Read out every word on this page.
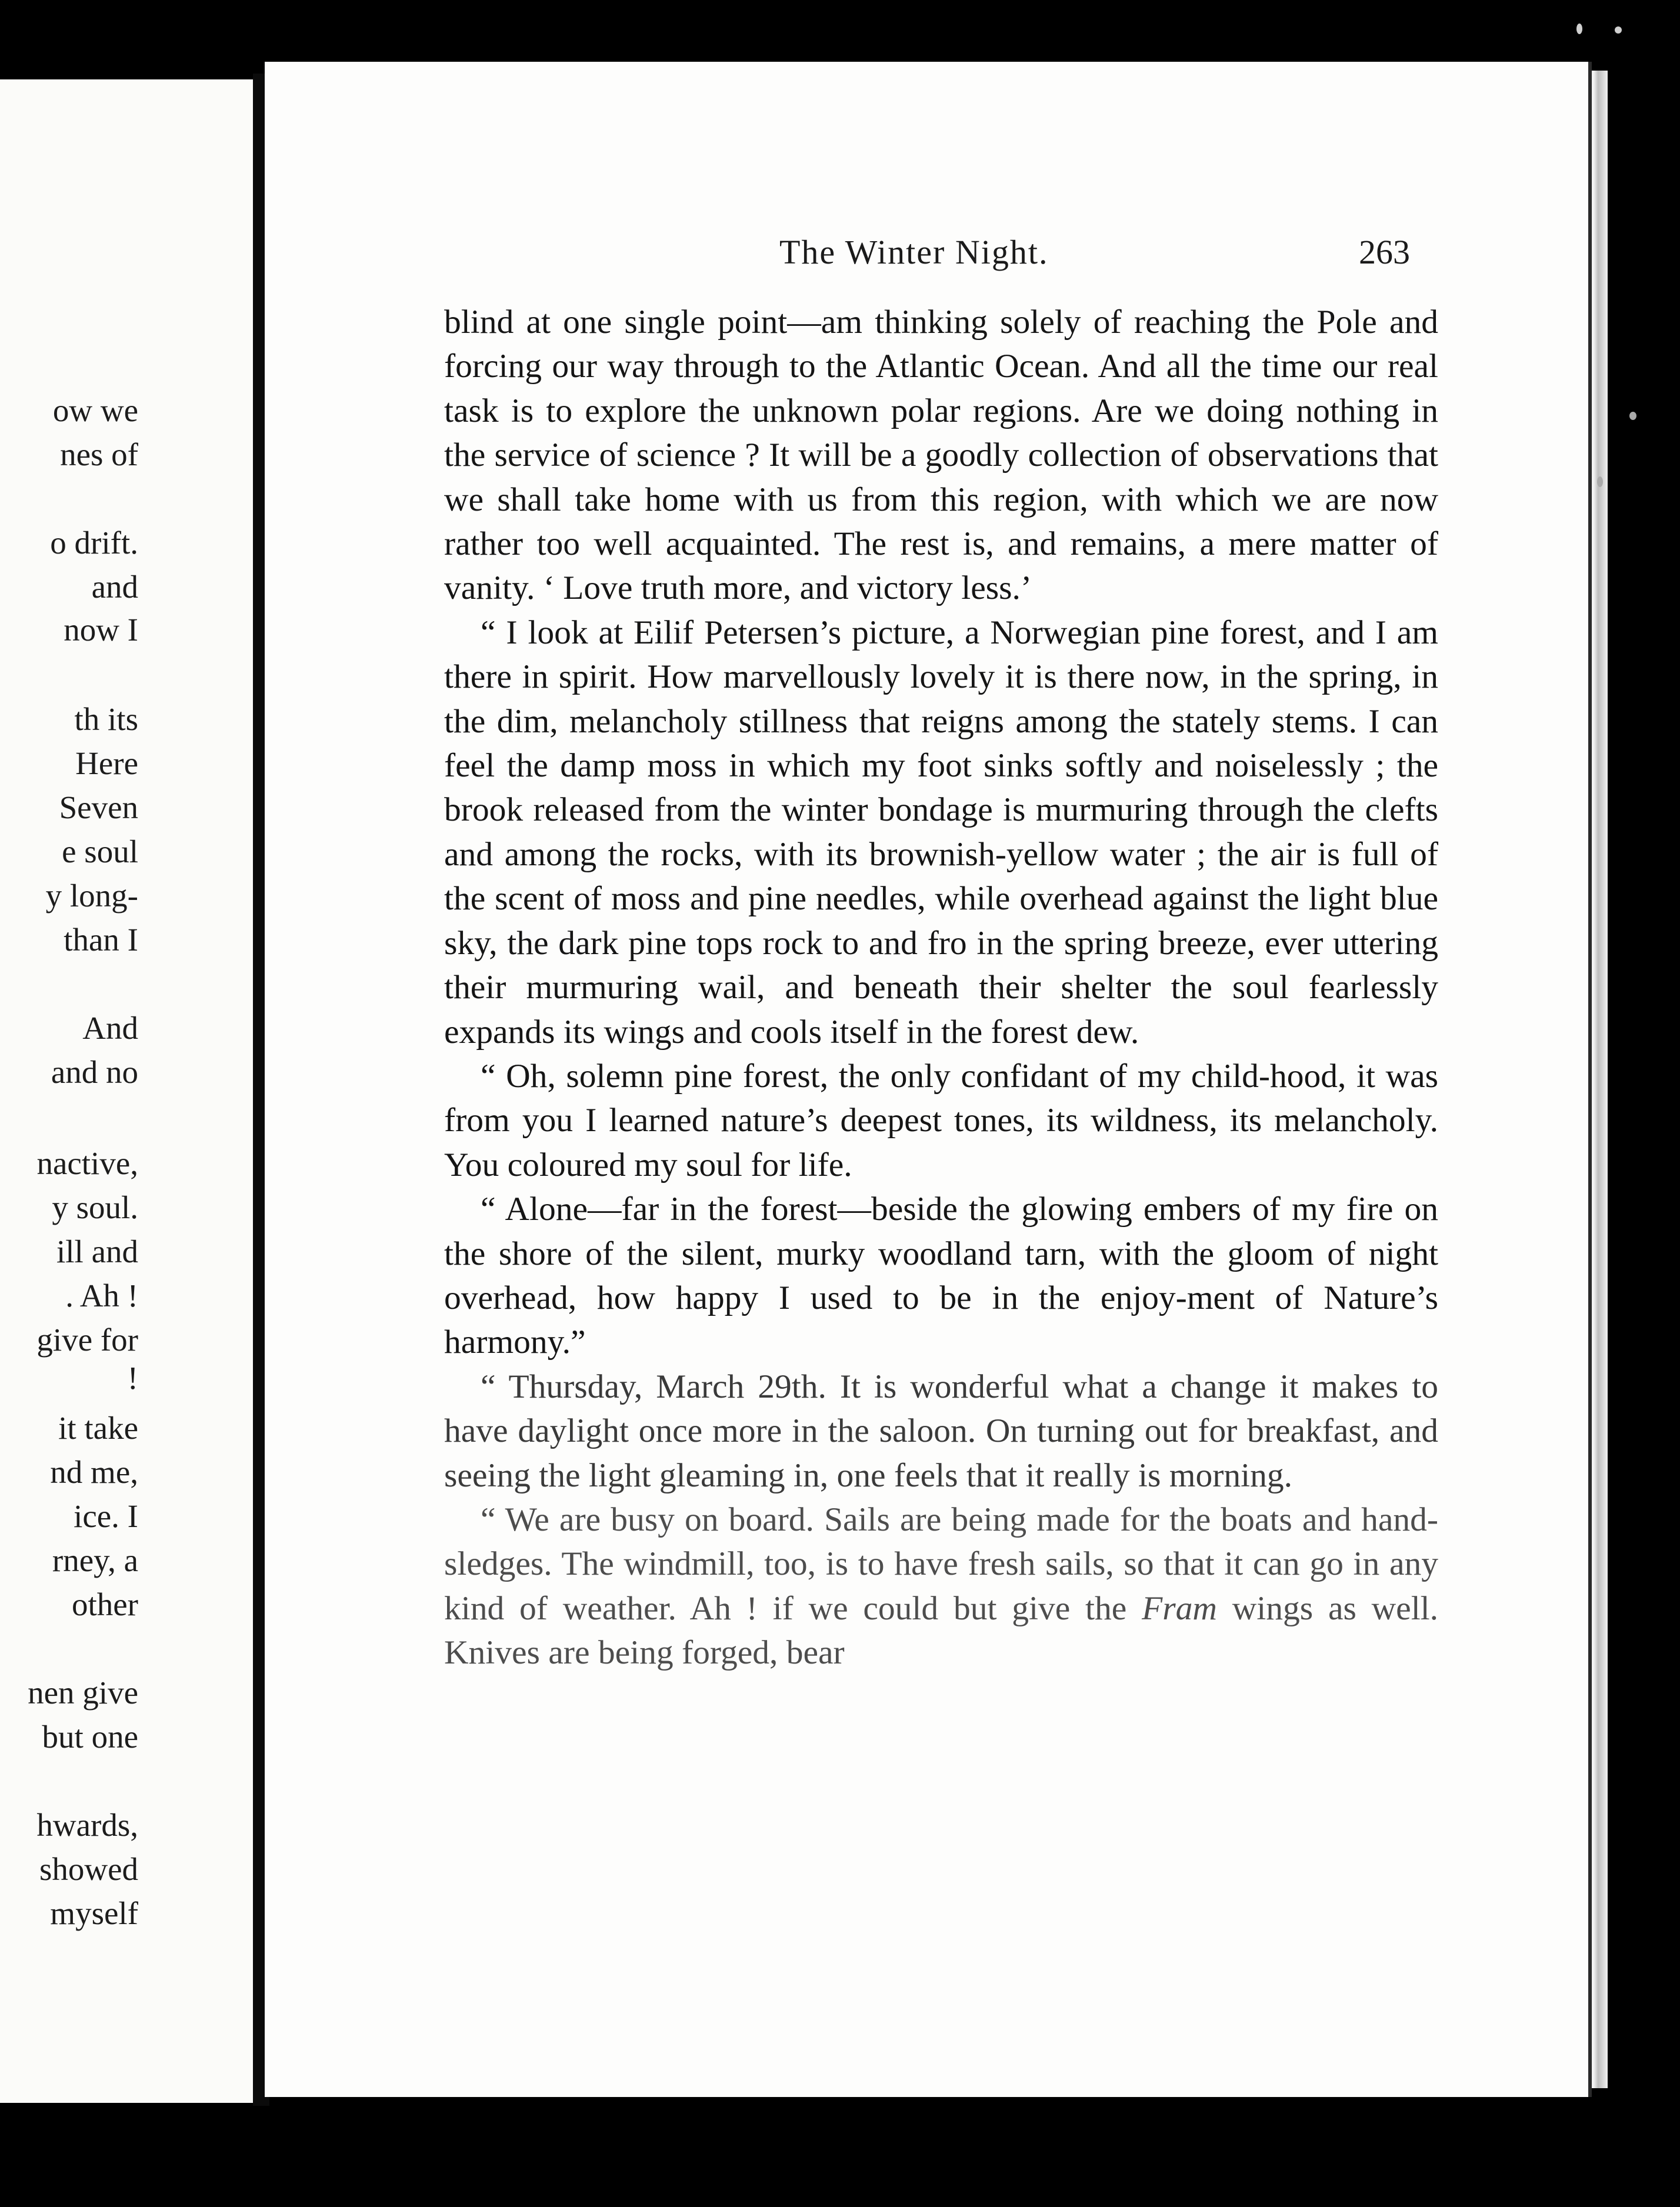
ow we

nes of

o drift.

and

now I

th its

Here

Seven

e soul

y long-

than I

And

and no

nactive,

y soul.

ill and

. Ah !

give for

!

it take

nd me,

ice. I

rney, a

other

nen give

but one

hwards,

showed

myself

The Winter Night.	263

blind at one single point—am thinking solely of reaching the Pole and forcing our way through to the Atlantic Ocean. And all the time our real task is to explore the unknown polar regions. Are we doing nothing in the service of science ? It will be a goodly collection of observations that we shall take home with us from this region, with which we are now rather too well acquainted. The rest is, and remains, a mere matter of vanity. ‘ Love truth more, and victory less.’

“ I look at Eilif Petersen’s picture, a Norwegian pine forest, and I am there in spirit. How marvellously lovely it is there now, in the spring, in the dim, melancholy stillness that reigns among the stately stems. I can feel the damp moss in which my foot sinks softly and noiselessly ; the brook released from the winter bondage is murmuring through the clefts and among the rocks, with its brownish-yellow water ; the air is full of the scent of moss and pine needles, while overhead against the light blue sky, the dark pine tops rock to and fro in the spring breeze, ever uttering their murmuring wail, and beneath their shelter the soul fearlessly expands its wings and cools itself in the forest dew.

“ Oh, solemn pine forest, the only confidant of my child-hood, it was from you I learned nature’s deepest tones, its wildness, its melancholy. You coloured my soul for life.

“ Alone—far in the forest—beside the glowing embers of my fire on the shore of the silent, murky woodland tarn, with the gloom of night overhead, how happy I used to be in the enjoy-ment of Nature’s harmony.”

“ Thursday, March 29th. It is wonderful what a change it makes to have daylight once more in the saloon. On turning out for breakfast, and seeing the light gleaming in, one feels that it really is morning.

“ We are busy on board. Sails are being made for the boats and hand-sledges. The windmill, too, is to have fresh sails, so that it can go in any kind of weather. Ah ! if we could but give the Fram wings as well. Knives are being forged, bear
